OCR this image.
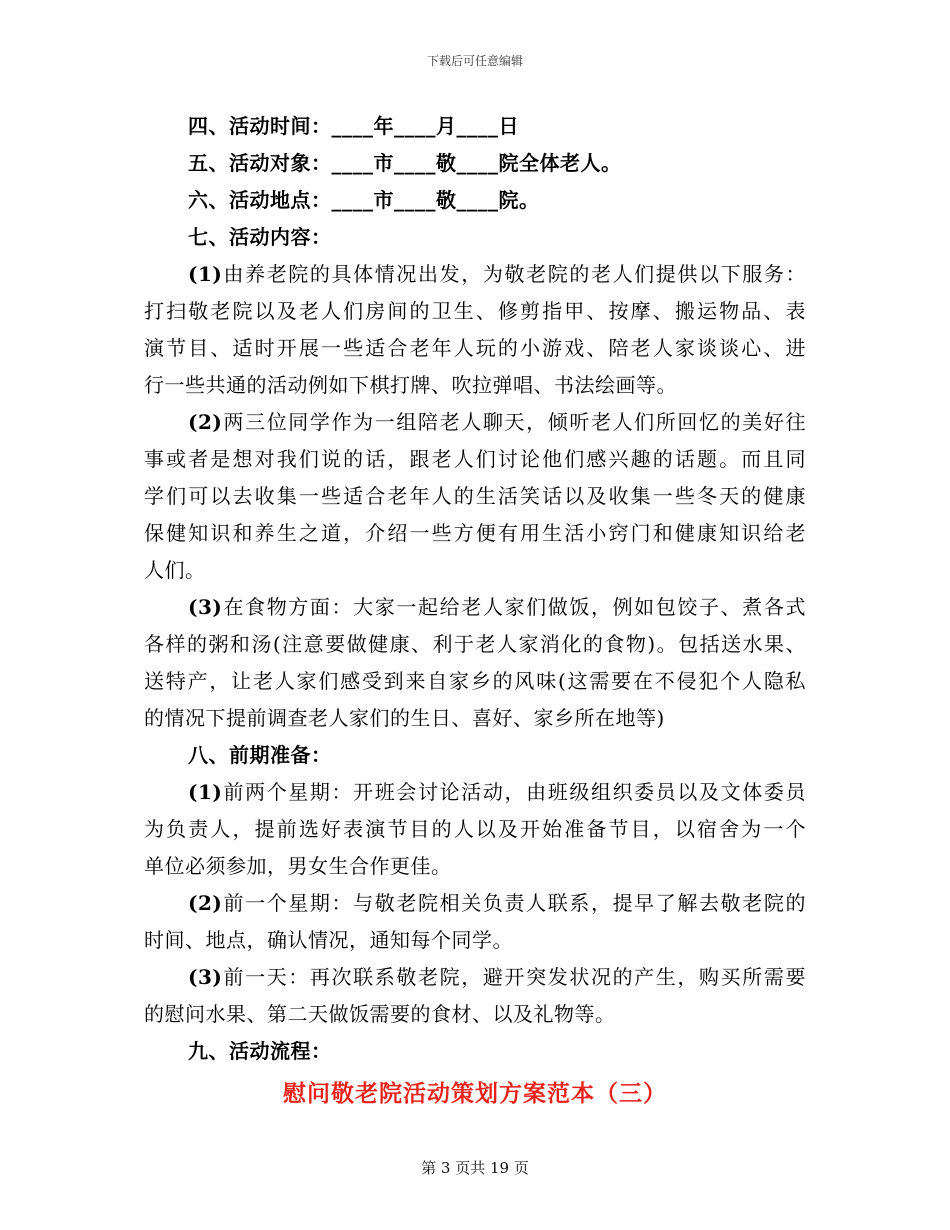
下载后可任意编辑
四、活动时间：____年____月____日
五、活动对象：____市____敬____院全体老人。
六、活动地点：____市____敬____院。
七、活动内容：
(1)由养老院的具体情况出发，为敬老院的老人们提供以下服务：
打扫敬老院以及老人们房间的卫生、修剪指甲、按摩、搬运物品、表
演节目、适时开展一些适合老年人玩的小游戏、陪老人家谈谈心、进
行一些共通的活动例如下棋打牌、吹拉弹唱、书法绘画等。
(2)两三位同学作为一组陪老人聊天，倾听老人们所回忆的美好往
事或者是想对我们说的话，跟老人们讨论他们感兴趣的话题。而且同
学们可以去收集一些适合老年人的生活笑话以及收集一些冬天的健康
保健知识和养生之道，介绍一些方便有用生活小窍门和健康知识给老
人们。
(3)在食物方面：大家一起给老人家们做饭，例如包饺子、煮各式
各样的粥和汤(注意要做健康、利于老人家消化的食物)。包括送水果、
送特产，让老人家们感受到来自家乡的风味(这需要在不侵犯个人隐私
的情况下提前调查老人家们的生日、喜好、家乡所在地等)
八、前期准备：
(1)前两个星期：开班会讨论活动，由班级组织委员以及文体委员
为负责人，提前选好表演节目的人以及开始准备节目，以宿舍为一个
单位必须参加，男女生合作更佳。
(2)前一个星期：与敬老院相关负责人联系，提早了解去敬老院的
时间、地点，确认情况，通知每个同学。
(3)前一天：再次联系敬老院，避开突发状况的产生，购买所需要
的慰问水果、第二天做饭需要的食材、以及礼物等。
九、活动流程：
慰问敬老院活动策划方案范本（三）
第 3 页共 19 页
